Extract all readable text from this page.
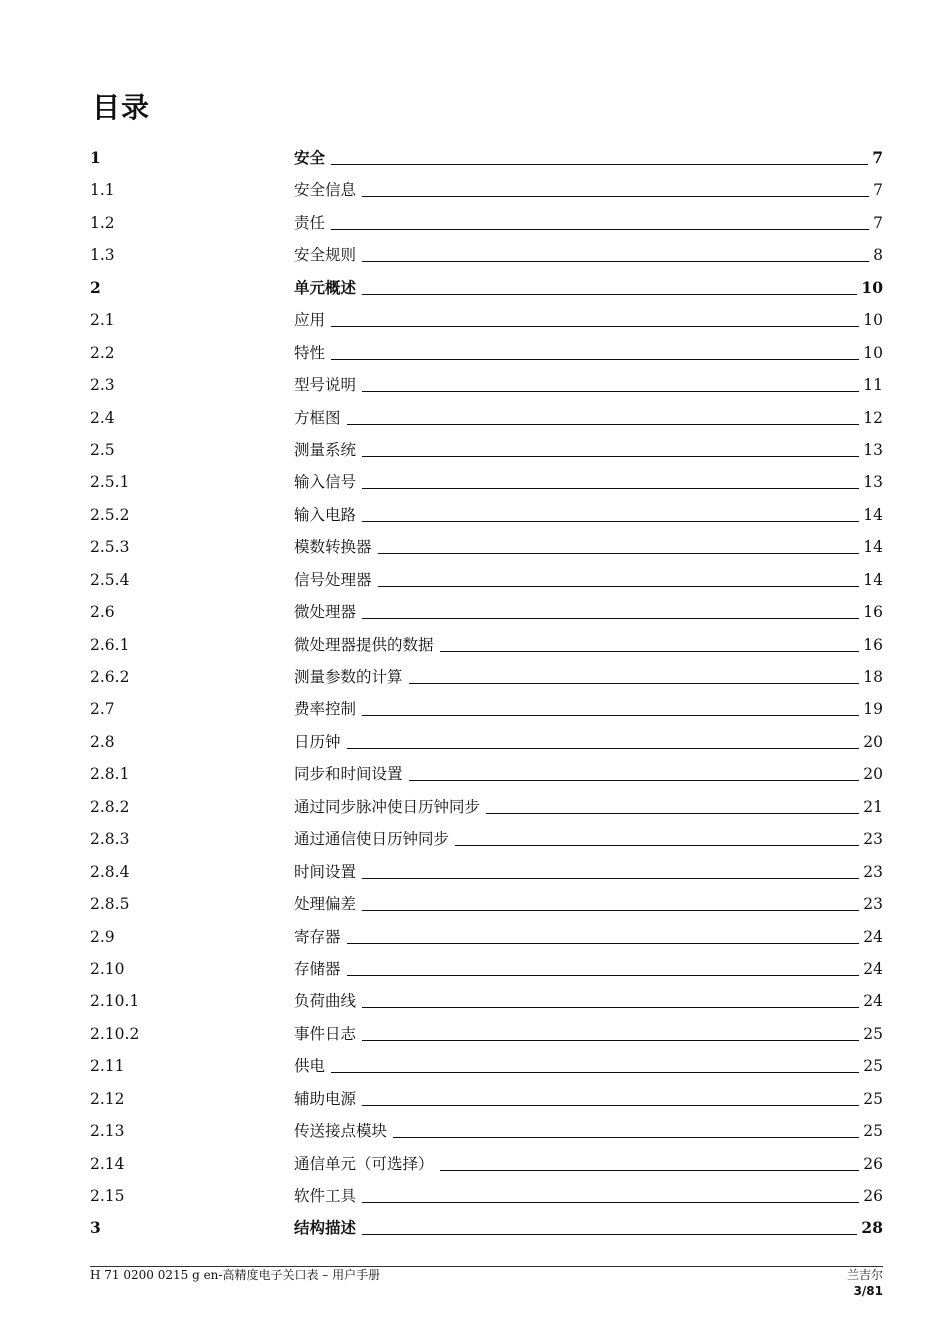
目录
1	安全	7
1.1	安全信息	7
1.2	责任	7
1.3	安全规则	8
2	单元概述	10
2.1	应用	10
2.2	特性	10
2.3	型号说明	11
2.4	方框图	12
2.5	测量系统	13
2.5.1	输入信号	13
2.5.2	输入电路	14
2.5.3	模数转换器	14
2.5.4	信号处理器	14
2.6	微处理器	16
2.6.1	微处理器提供的数据	16
2.6.2	测量参数的计算	18
2.7	费率控制	19
2.8	日历钟	20
2.8.1	同步和时间设置	20
2.8.2	通过同步脉冲使日历钟同步	21
2.8.3	通过通信使日历钟同步	23
2.8.4	时间设置	23
2.8.5	处理偏差	23
2.9	寄存器	24
2.10	存储器	24
2.10.1	负荷曲线	24
2.10.2	事件日志	25
2.11	供电	25
2.12	辅助电源	25
2.13	传送接点模块	25
2.14	通信单元（可选择）	26
2.15	软件工具	26
3	结构描述	28
H 71 0200 0215 g en-高精度电子关口表 – 用户手册	兰吉尔
3/81
